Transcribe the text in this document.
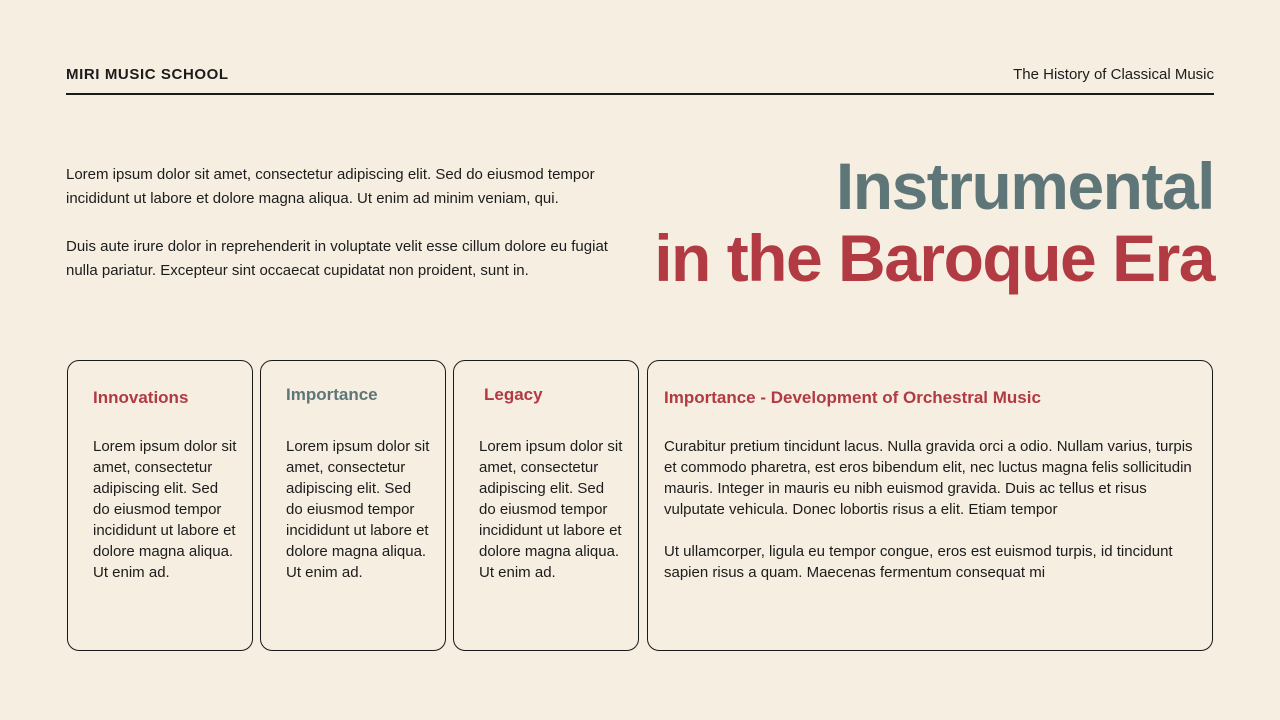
MIRI MUSIC SCHOOL	The History of Classical Music

Lorem ipsum dolor sit amet, consectetur adipiscing elit. Sed do eiusmod tempor incididunt ut labore et dolore magna aliqua. Ut enim ad minim veniam, qui.

Duis aute irure dolor in reprehenderit in voluptate velit esse cillum dolore eu fugiat nulla pariatur. Excepteur sint occaecat cupidatat non proident, sunt in.

Instrumental
in the Baroque Era
Innovations
Lorem ipsum dolor sit amet, consectetur adipiscing elit. Sed do eiusmod tempor incididunt ut labore et dolore magna aliqua. Ut enim ad.
Importance
Lorem ipsum dolor sit amet, consectetur adipiscing elit. Sed do eiusmod tempor incididunt ut labore et dolore magna aliqua. Ut enim ad.
Legacy
Lorem ipsum dolor sit amet, consectetur adipiscing elit. Sed do eiusmod tempor incididunt ut labore et dolore magna aliqua. Ut enim ad.
Importance - Development of Orchestral Music

Curabitur pretium tincidunt lacus. Nulla gravida orci a odio. Nullam varius, turpis et commodo pharetra, est eros bibendum elit, nec luctus magna felis sollicitudin mauris. Integer in mauris eu nibh euismod gravida. Duis ac tellus et risus vulputate vehicula. Donec lobortis risus a elit. Etiam tempor

Ut ullamcorper, ligula eu tempor congue, eros est euismod turpis, id tincidunt sapien risus a quam. Maecenas fermentum consequat mi
